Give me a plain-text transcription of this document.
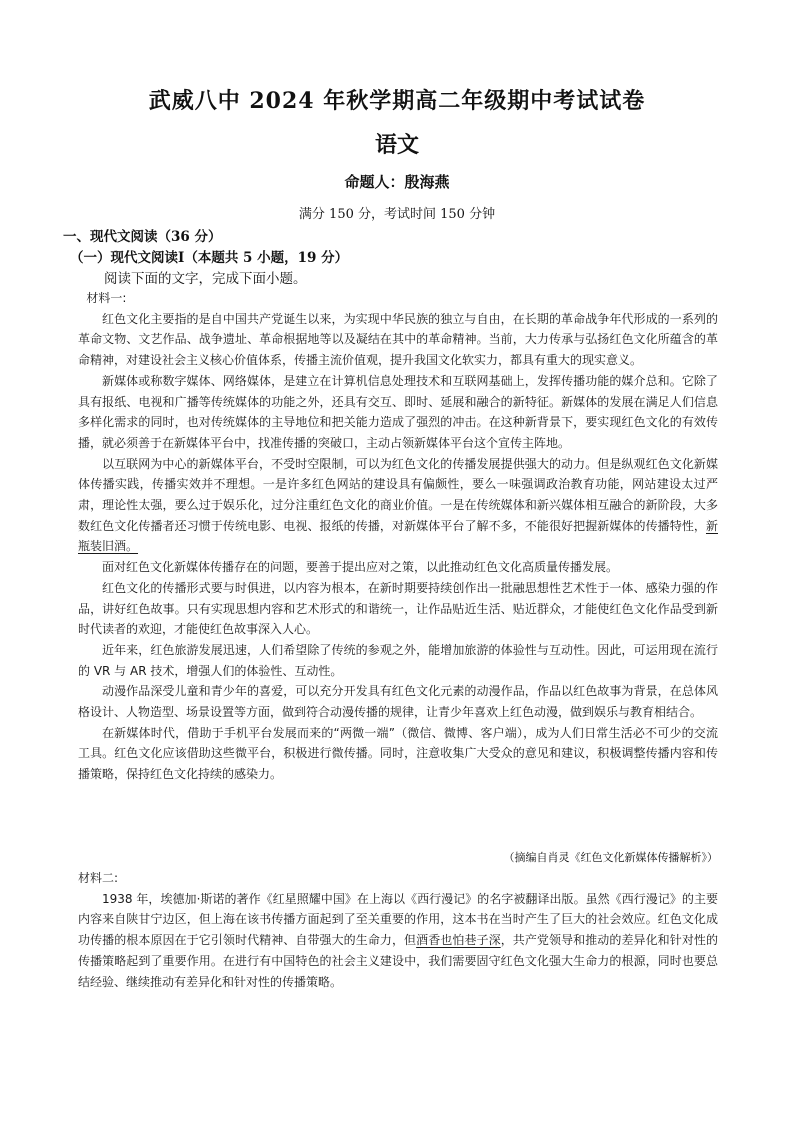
武威八中 2024 年秋学期高二年级期中考试试卷
语文
命题人：殷海燕
满分 150 分，考试时间 150 分钟
一、现代文阅读（36 分）
（一）现代文阅读Ⅰ（本题共 5 小题，19 分）
阅读下面的文字，完成下面小题。

材料一:

红色文化主要指的是自中国共产党诞生以来，为实现中华民族的独立与自由，在长期的革命战争年代形成的一系列的革命文物、文艺作品、战争遗址、革命根据地等以及凝结在其中的革命精神。当前，大力传承与弘扬红色文化所蕴含的革命精神，对建设社会主义核心价值体系，传播主流价值观，提升我国文化软实力，都具有重大的现实意义。

新媒体或称数字媒体、网络媒体，是建立在计算机信息处理技术和互联网基础上，发挥传播功能的媒介总和。它除了具有报纸、电视和广播等传统媒体的功能之外，还具有交互、即时、延展和融合的新特征。新媒体的发展在满足人们信息多样化需求的同时，也对传统媒体的主导地位和把关能力造成了强烈的冲击。在这种新背景下，要实现红色文化的有效传播，就必须善于在新媒体平台中，找准传播的突破口，主动占领新媒体平台这个宣传主阵地。

以互联网为中心的新媒体平台，不受时空限制，可以为红色文化的传播发展提供强大的动力。但是纵观红色文化新媒体传播实践，传播实效并不理想。一是许多红色网站的建设具有偏颇性，要么一味强调政治教育功能，网站建设太过严肃，理论性太强，要么过于娱乐化，过分注重红色文化的商业价值。一是在传统媒体和新兴媒体相互融合的新阶段，大多数红色文化传播者还习惯于传统电影、电视、报纸的传播，对新媒体平台了解不多，不能很好把握新媒体的传播特性，新瓶装旧酒。

面对红色文化新媒体传播存在的问题，要善于提出应对之策，以此推动红色文化高质量传播发展。

红色文化的传播形式要与时俱进，以内容为根本，在新时期要持续创作出一批融思想性艺术性于一体、感染力强的作品，讲好红色故事。只有实现思想内容和艺术形式的和谐统一，让作品贴近生活、贴近群众，才能使红色文化作品受到新时代读者的欢迎，才能使红色故事深入人心。

近年来，红色旅游发展迅速，人们希望除了传统的参观之外，能增加旅游的体验性与互动性。因此，可运用现在流行的 VR 与 AR 技术，增强人们的体验性、互动性。

动漫作品深受儿童和青少年的喜爱，可以充分开发具有红色文化元素的动漫作品，作品以红色故事为背景，在总体风格设计、人物造型、场景设置等方面，做到符合动漫传播的规律，让青少年喜欢上红色动漫，做到娱乐与教育相结合。

在新媒体时代，借助于手机平台发展而来的“两微一端”（微信、微博、客户端），成为人们日常生活必不可少的交流工具。红色文化应该借助这些微平台，积极进行微传播。同时，注意收集广大受众的意见和建议，积极调整传播内容和传播策略，保持红色文化持续的感染力。

（摘编自肖灵《红色文化新媒体传播解析》）

材料二:

1938 年，埃德加·斯诺的著作《红星照耀中国》在上海以《西行漫记》的名字被翻译出版。虽然《西行漫记》的主要内容来自陕甘宁边区，但上海在该书传播方面起到了至关重要的作用，这本书在当时产生了巨大的社会效应。红色文化成功传播的根本原因在于它引领时代精神、自带强大的生命力，但酒香也怕巷子深，共产党领导和推动的差异化和针对性的传播策略起到了重要作用。在进行有中国特色的社会主义建设中，我们需要固守红色文化强大生命力的根源，同时也要总结经验、继续推动有差异化和针对性的传播策略。
